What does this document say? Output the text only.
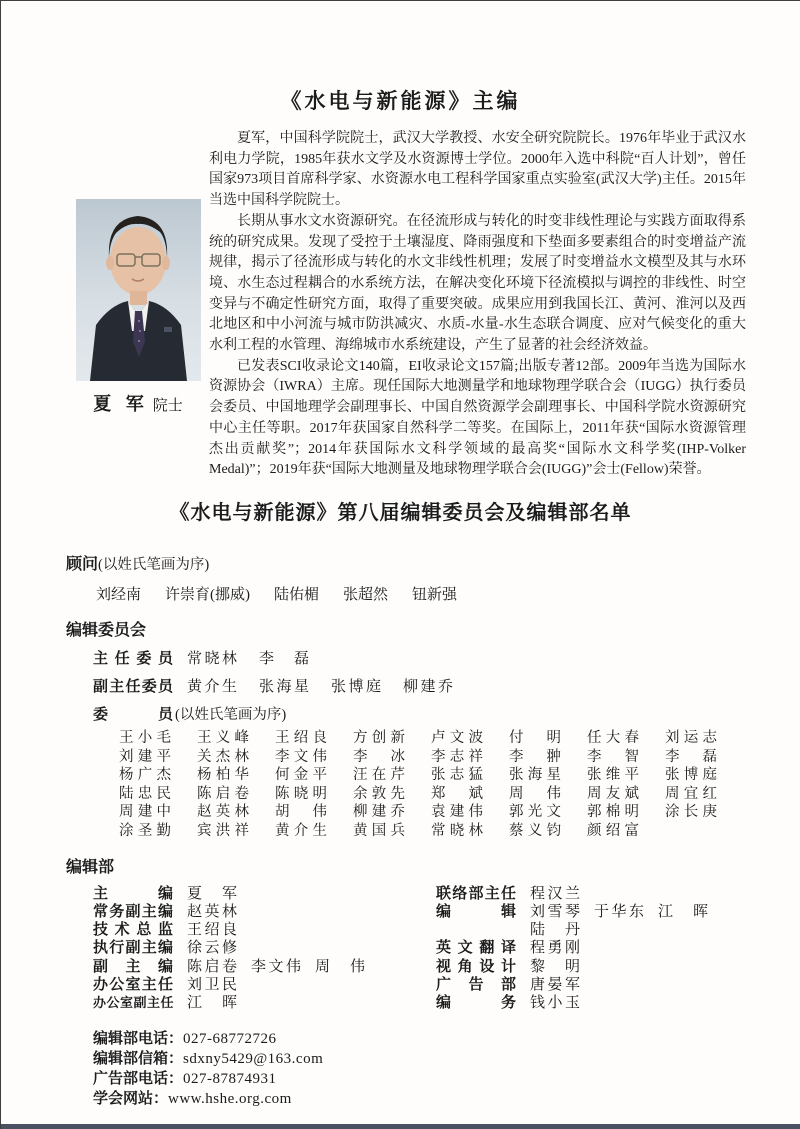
《水电与新能源》主编
夏 军 院士

夏军，中国科学院院士，武汉大学教授、水安全研究院院长。1976年毕业于武汉水利电力学院，1985年获水文学及水资源博士学位。2000年入选中科院“百人计划”，曾任国家973项目首席科学家、水资源水电工程科学国家重点实验室(武汉大学)主任。2015年当选中国科学院院士。

长期从事水文水资源研究。在径流形成与转化的时变非线性理论与实践方面取得系统的研究成果。发现了受控于土壤湿度、降雨强度和下垫面多要素组合的时变增益产流规律，揭示了径流形成与转化的水文非线性机理；发展了时变增益水文模型及其与水环境、水生态过程耦合的水系统方法，在解决变化环境下径流模拟与调控的非线性、时空变异与不确定性研究方面，取得了重要突破。成果应用到我国长江、黄河、淮河以及西北地区和中小河流与城市防洪减灾、水质-水量-水生态联合调度、应对气候变化的重大水利工程的水管理、海绵城市水系统建设，产生了显著的社会经济效益。

已发表SCI收录论文140篇，EI收录论文157篇;出版专著12部。2009年当选为国际水资源协会（IWRA）主席。现任国际大地测量学和地球物理学联合会（IUGG）执行委员会委员、中国地理学会副理事长、中国自然资源学会副理事长、中国科学院水资源研究中心主任等职。2017年获国家自然科学二等奖。在国际上，2011年获“国际水资源管理杰出贡献奖”；2014年获国际水文科学领域的最高奖“国际水文科学奖(IHP-Volker Medal)”；2019年获“国际大地测量及地球物理学联合会(IUGG)”会士(Fellow)荣誉。

《水电与新能源》第八届编辑委员会及编辑部名单
顾问(以姓氏笔画为序)
刘经南 许崇育(挪威) 陆佑楣 张超然 钮新强
编辑委员会
主任委员 常晓林 李磊
副主任委员 黄介生 张海星 张博庭 柳建乔
委员 (以姓氏笔画为序)
王小毛 王义峰 王绍良 方创新 卢文波 付明 任大春 刘运志
刘建平 关杰林 李文伟 李冰 李志祥 李翀 李智 李磊
杨广杰 杨柏华 何金平 汪在芹 张志猛 张海星 张维平 张博庭
陆忠民 陈启卷 陈晓明 余敦先 郑斌 周伟 周友斌 周宜红
周建中 赵英林 胡伟 柳建乔 袁建伟 郭光文 郭棉明 涂长庚
涂圣勤 宾洪祥 黄介生 黄国兵 常晓林 蔡义钧 颜绍富
编辑部
主编 夏军
常务副主编 赵英林
技术总监 王绍良
执行副主编 徐云修
副主编 陈启卷 李文伟 周伟
办公室主任 刘卫民
办公室副主任 江晖
联络部主任 程汉兰
编辑 刘雪琴 于华东 江晖
陆丹
英文翻译 程勇刚
视角设计 黎明
广告部 唐晏军
编务 钱小玉
编辑部电话：027-68772726
编辑部信箱：sdxny5429@163.com
广告部电话：027-87874931
学会网站：www.hshe.org.com
